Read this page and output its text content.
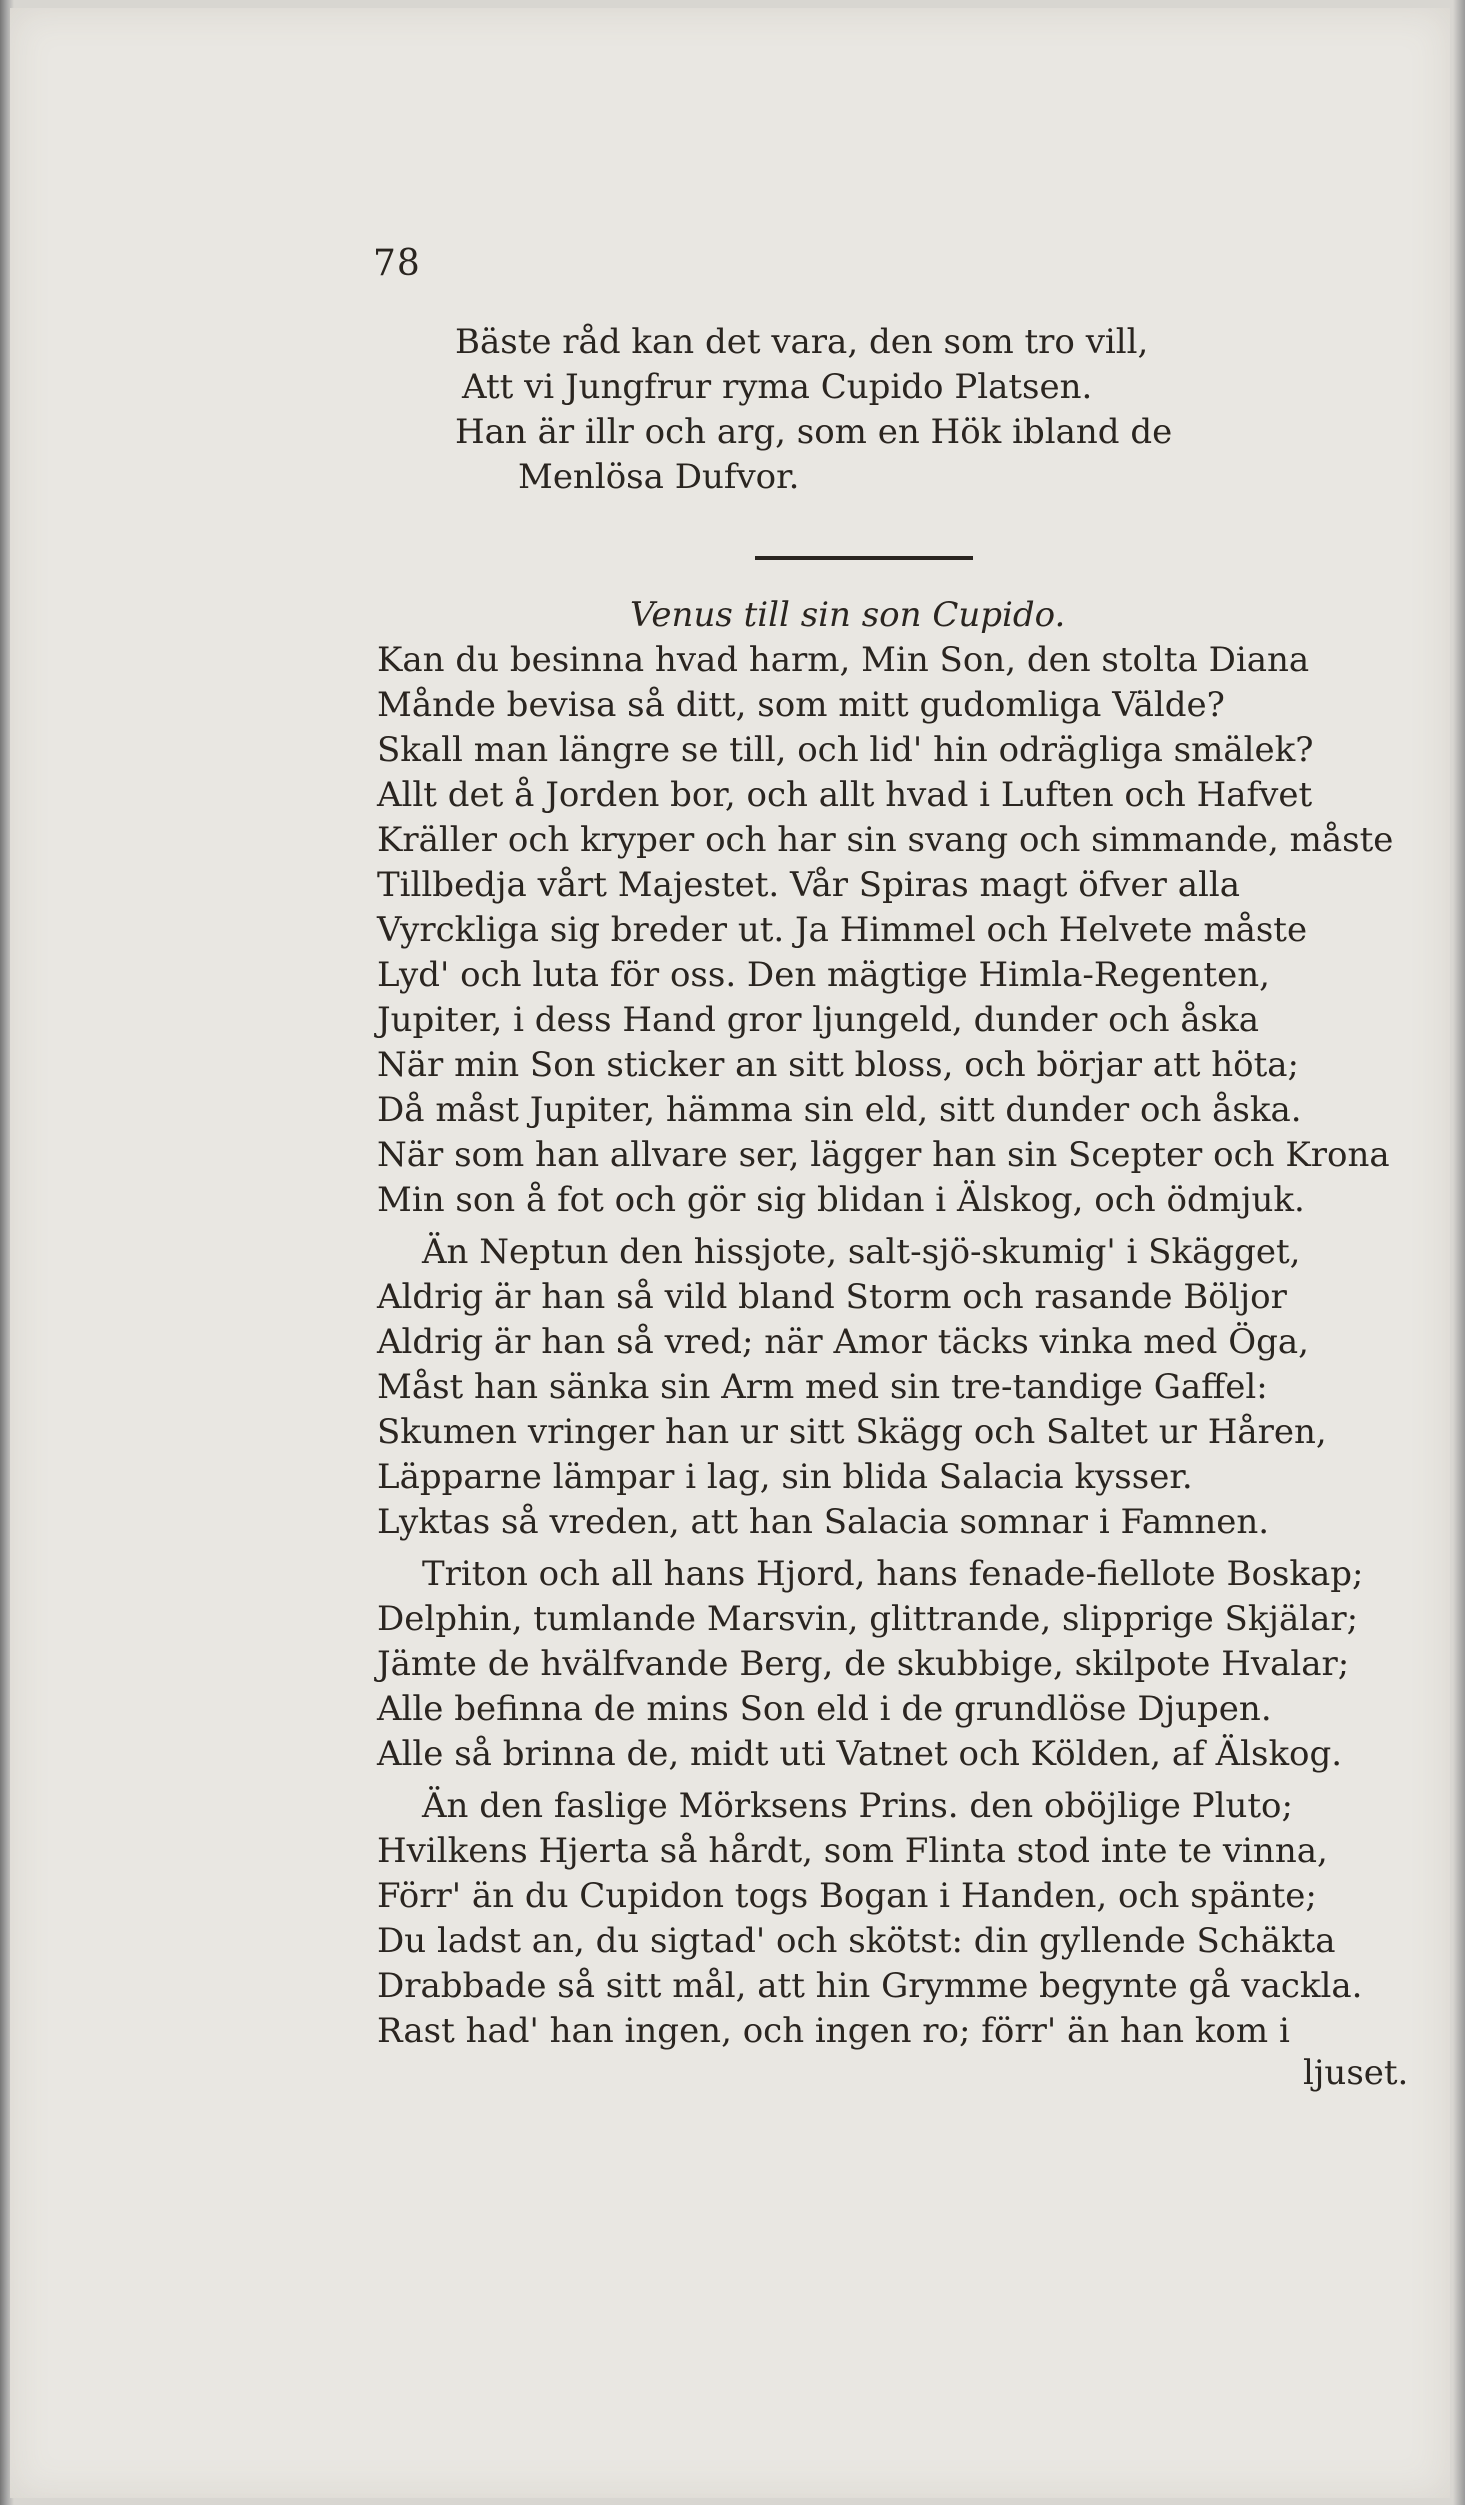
78
Bäste råd kan det vara, den som tro vill,
Att vi Jungfrur ryma Cupido Platsen.
Han är illr och arg, som en Hök ibland de
Menlösa Dufvor.
Venus till sin son Cupido.
Kan du besinna hvad harm, Min Son, den stolta Diana
Månde bevisa så ditt, som mitt gudomliga Välde?
Skall man längre se till, och lid' hin odrägliga smälek?
Allt det å Jorden bor, och allt hvad i Luften och Hafvet
Kräller och kryper och har sin svang och simmande, måste
Tillbedja vårt Majestet. Vår Spiras magt öfver alla
Vyrckliga sig breder ut. Ja Himmel och Helvete måste
Lyd' och luta för oss. Den mägtige Himla-Regenten,
Jupiter, i dess Hand gror ljungeld, dunder och åska
När min Son sticker an sitt bloss, och börjar att höta;
Då måst Jupiter, hämma sin eld, sitt dunder och åska.
När som han allvare ser, lägger han sin Scepter och Krona
Min son å fot och gör sig blidan i Älskog, och ödmjuk.
Än Neptun den hissjote, salt-sjö-skumig' i Skägget,
Aldrig är han så vild bland Storm och rasande Böljor
Aldrig är han så vred; när Amor täcks vinka med Öga,
Måst han sänka sin Arm med sin tre-tandige Gaffel:
Skumen vringer han ur sitt Skägg och Saltet ur Håren,
Läpparne lämpar i lag, sin blida Salacia kysser.
Lyktas så vreden, att han Salacia somnar i Famnen.
Triton och all hans Hjord, hans fenade-fiellote Boskap;
Delphin, tumlande Marsvin, glittrande, slipprige Skjälar;
Jämte de hvälfvande Berg, de skubbige, skilpote Hvalar;
Alle befinna de mins Son eld i de grundlöse Djupen.
Alle så brinna de, midt uti Vatnet och Kölden, af Älskog.
Än den faslige Mörksens Prins. den oböjlige Pluto;
Hvilkens Hjerta så hårdt, som Flinta stod inte te vinna,
Förr' än du Cupidon togs Bogan i Handen, och spänte;
Du ladst an, du sigtad' och skötst: din gyllende Schäkta
Drabbade så sitt mål, att hin Grymme begynte gå vackla.
Rast had' han ingen, och ingen ro; förr' än han kom i
ljuset.
